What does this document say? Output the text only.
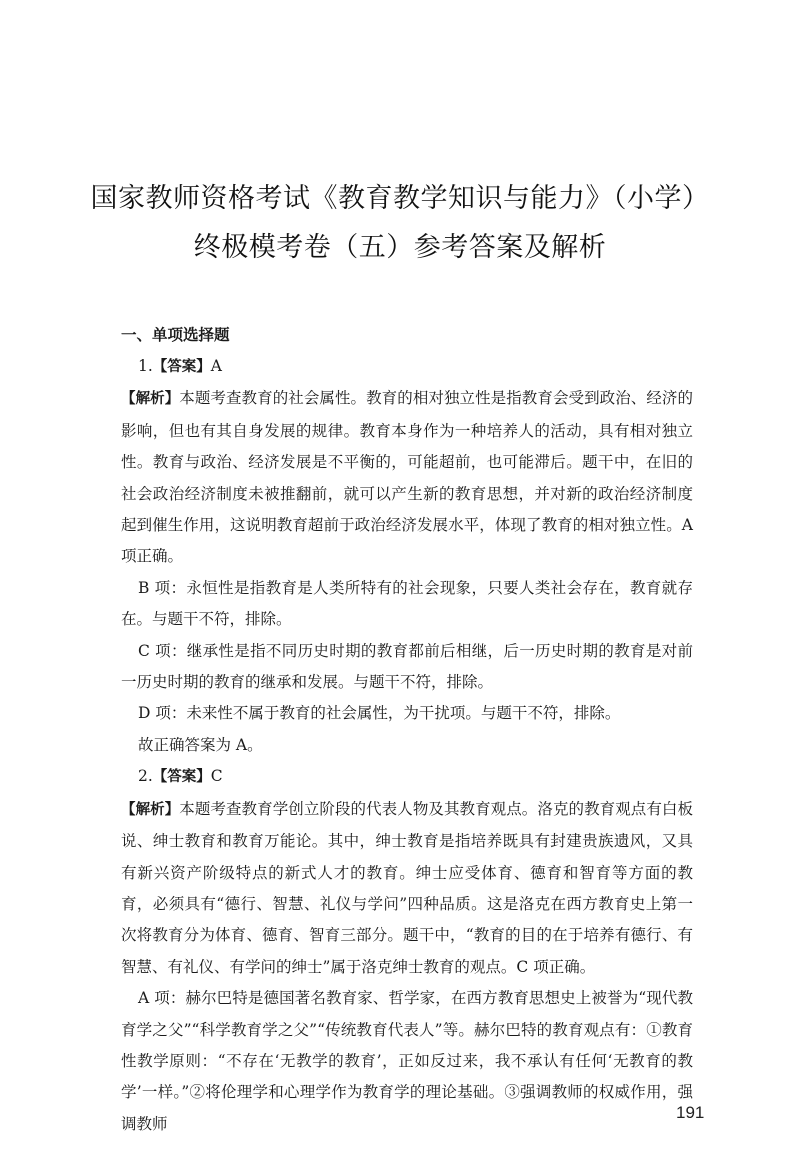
国家教师资格考试《教育教学知识与能力》（小学）
终极模考卷（五）参考答案及解析
一、单项选择题

1.【答案】A

【解析】本题考查教育的社会属性。教育的相对独立性是指教育会受到政治、经济的影响，但也有其自身发展的规律。教育本身作为一种培养人的活动，具有相对独立性。教育与政治、经济发展是不平衡的，可能超前，也可能滞后。题干中，在旧的社会政治经济制度未被推翻前，就可以产生新的教育思想，并对新的政治经济制度起到催生作用，这说明教育超前于政治经济发展水平，体现了教育的相对独立性。A 项正确。

B 项：永恒性是指教育是人类所特有的社会现象，只要人类社会存在，教育就存在。与题干不符，排除。

C 项：继承性是指不同历史时期的教育都前后相继，后一历史时期的教育是对前一历史时期的教育的继承和发展。与题干不符，排除。

D 项：未来性不属于教育的社会属性，为干扰项。与题干不符，排除。

故正确答案为 A。

2.【答案】C

【解析】本题考查教育学创立阶段的代表人物及其教育观点。洛克的教育观点有白板说、绅士教育和教育万能论。其中，绅士教育是指培养既具有封建贵族遗风，又具有新兴资产阶级特点的新式人才的教育。绅士应受体育、德育和智育等方面的教育，必须具有“德行、智慧、礼仪与学问”四种品质。这是洛克在西方教育史上第一次将教育分为体育、德育、智育三部分。题干中，“教育的目的在于培养有德行、有智慧、有礼仪、有学问的绅士”属于洛克绅士教育的观点。C 项正确。

A 项：赫尔巴特是德国著名教育家、哲学家，在西方教育思想史上被誉为“现代教育学之父”“科学教育学之父”“传统教育代表人”等。赫尔巴特的教育观点有：①教育性教学原则：“不存在‘无教学的教育’，正如反过来，我不承认有任何‘无教育的教学’一样。”②将伦理学和心理学作为教育学的理论基础。③强调教师的权威作用，强调教师

191
